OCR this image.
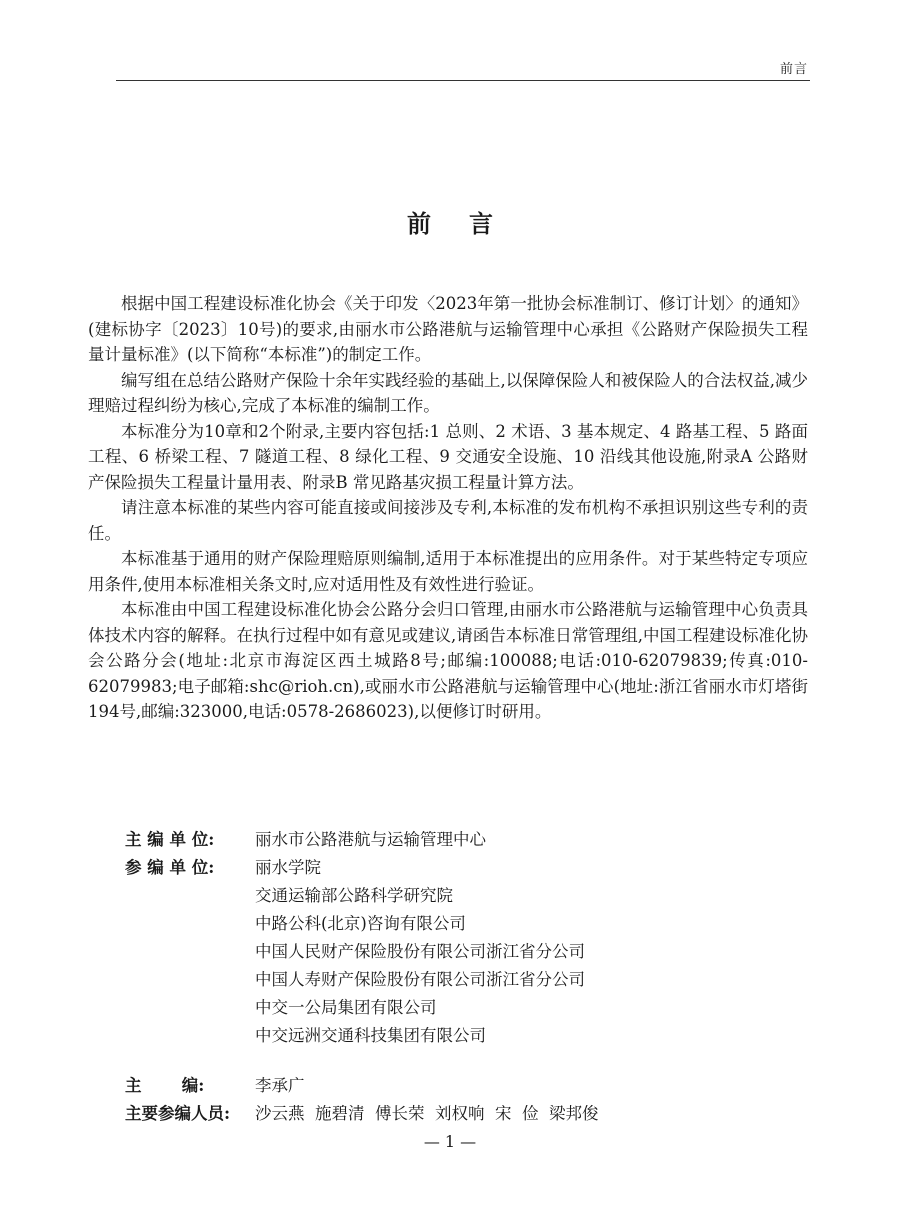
前言
前言

根据中国工程建设标准化协会《关于印发〈2023年第一批协会标准制订、修订计划〉的通知》(建标协字〔2023〕10号)的要求,由丽水市公路港航与运输管理中心承担《公路财产保险损失工程量计量标准》(以下简称“本标准”)的制定工作。

编写组在总结公路财产保险十余年实践经验的基础上,以保障保险人和被保险人的合法权益,减少理赔过程纠纷为核心,完成了本标准的编制工作。

本标准分为10章和2个附录,主要内容包括:1 总则、2 术语、3 基本规定、4 路基工程、5 路面工程、6 桥梁工程、7 隧道工程、8 绿化工程、9 交通安全设施、10 沿线其他设施,附录A 公路财产保险损失工程量计量用表、附录B 常见路基灾损工程量计算方法。

请注意本标准的某些内容可能直接或间接涉及专利,本标准的发布机构不承担识别这些专利的责任。

本标准基于通用的财产保险理赔原则编制,适用于本标准提出的应用条件。对于某些特定专项应用条件,使用本标准相关条文时,应对适用性及有效性进行验证。

本标准由中国工程建设标准化协会公路分会归口管理,由丽水市公路港航与运输管理中心负责具体技术内容的解释。在执行过程中如有意见或建议,请函告本标准日常管理组,中国工程建设标准化协会公路分会(地址:北京市海淀区西土城路8号;邮编:100088;电话:010-62079839;传真:010-62079983;电子邮箱:shc@rioh.cn),或丽水市公路港航与运输管理中心(地址:浙江省丽水市灯塔街194号,邮编:323000,电话:0578-2686023),以便修订时研用。

主 编 单 位:	丽水市公路港航与运输管理中心
参 编 单 位:	丽水学院
交通运输部公路科学研究院
中路公科(北京)咨询有限公司
中国人民财产保险股份有限公司浙江省分公司
中国人寿财产保险股份有限公司浙江省分公司
中交一公局集团有限公司
中交远洲交通科技集团有限公司
主       编:	李承广
主要参编人员:	沙云燕  施碧清  傅长荣  刘权响  宋  俭  梁邦俊
— 1 —
